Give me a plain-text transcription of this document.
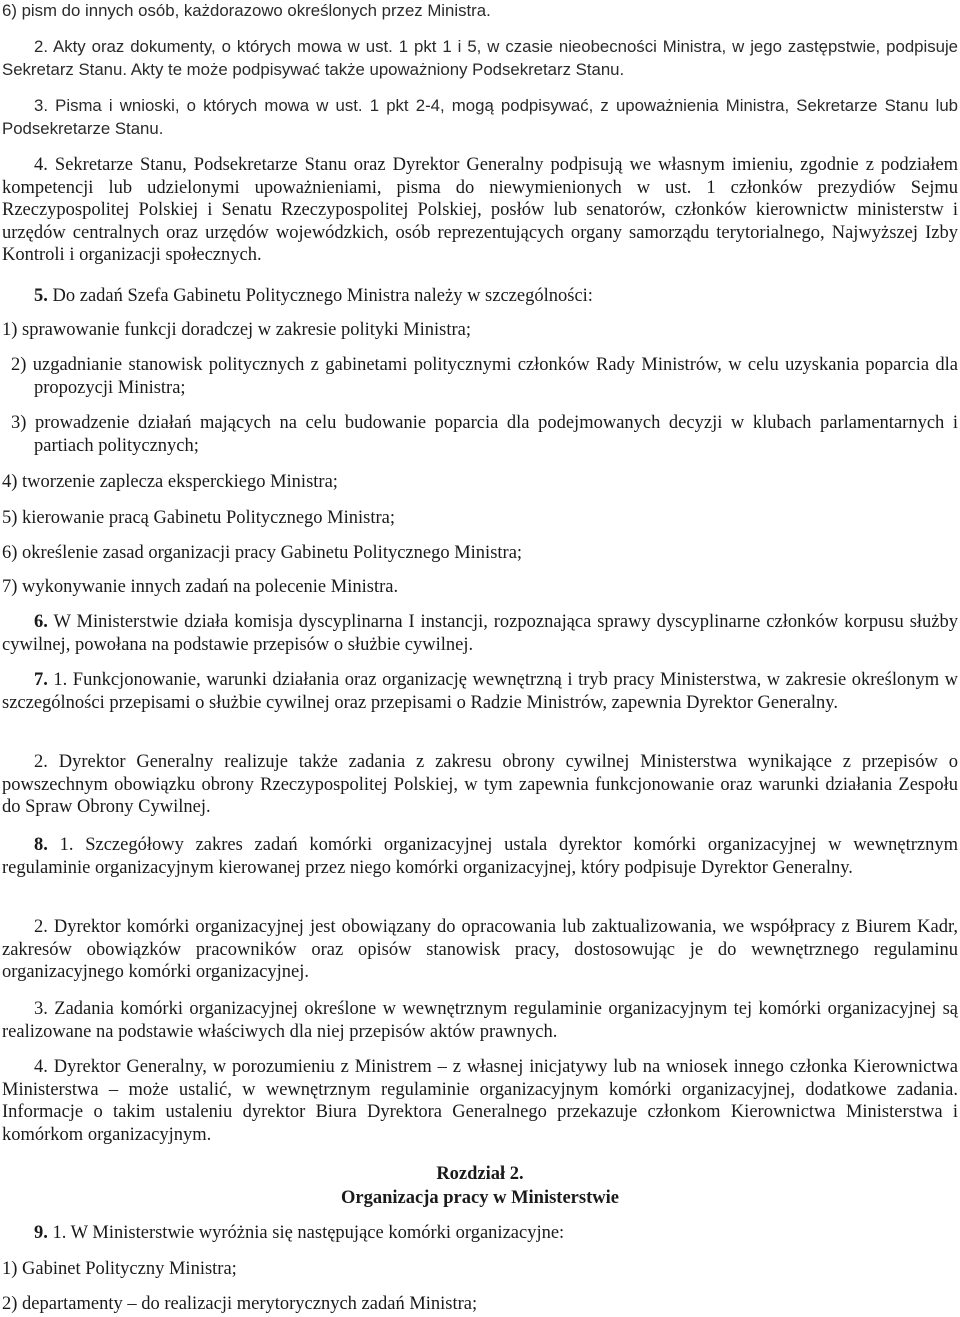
6) pism do innych osób, każdorazowo określonych przez Ministra.

2. Akty oraz dokumenty, o których mowa w ust. 1 pkt 1 i 5, w czasie nieobecności Ministra, w jego zastępstwie, podpisuje Sekretarz Stanu. Akty te może podpisywać także upoważniony Podsekretarz Stanu.

3. Pisma i wnioski, o których mowa w ust. 1 pkt 2-4, mogą podpisywać, z upoważnienia Ministra, Sekretarze Stanu lub Podsekretarze Stanu.

4. Sekretarze Stanu, Podsekretarze Stanu oraz Dyrektor Generalny podpisują we własnym imieniu, zgodnie z podziałem kompetencji lub udzielonymi upoważnieniami, pisma do niewymienionych w ust. 1 członków prezydiów Sejmu Rzeczypospolitej Polskiej i Senatu Rzeczypospolitej Polskiej, posłów lub senatorów, członków kierownictw ministerstw i urzędów centralnych oraz urzędów wojewódzkich, osób reprezentujących organy samorządu terytorialnego, Najwyższej Izby Kontroli i organizacji społecznych.

5. Do zadań Szefa Gabinetu Politycznego Ministra należy w szczególności:

1) sprawowanie funkcji doradczej w zakresie polityki Ministra;

2) uzgadnianie stanowisk politycznych z gabinetami politycznymi członków Rady Ministrów, w celu uzyskania poparcia dla propozycji Ministra;

3) prowadzenie działań mających na celu budowanie poparcia dla podejmowanych decyzji w klubach parlamentarnych i partiach politycznych;

4) tworzenie zaplecza eksperckiego Ministra;

5) kierowanie pracą Gabinetu Politycznego Ministra;

6) określenie zasad organizacji pracy Gabinetu Politycznego Ministra;

7) wykonywanie innych zadań na polecenie Ministra.

6. W Ministerstwie działa komisja dyscyplinarna I instancji, rozpoznająca sprawy dyscyplinarne członków korpusu służby cywilnej, powołana na podstawie przepisów o służbie cywilnej.

7. 1. Funkcjonowanie, warunki działania oraz organizację wewnętrzną i tryb pracy Ministerstwa, w zakresie określonym w szczególności przepisami o służbie cywilnej oraz przepisami o Radzie Ministrów, zapewnia Dyrektor Generalny.

2. Dyrektor Generalny realizuje także zadania z zakresu obrony cywilnej Ministerstwa wynikające z przepisów o powszechnym obowiązku obrony Rzeczypospolitej Polskiej, w tym zapewnia funkcjonowanie oraz warunki działania Zespołu do Spraw Obrony Cywilnej.

8. 1. Szczegółowy zakres zadań komórki organizacyjnej ustala dyrektor komórki organizacyjnej w wewnętrznym regulaminie organizacyjnym kierowanej przez niego komórki organizacyjnej, który podpisuje Dyrektor Generalny.

2. Dyrektor komórki organizacyjnej jest obowiązany do opracowania lub zaktualizowania, we współpracy z Biurem Kadr, zakresów obowiązków pracowników oraz opisów stanowisk pracy, dostosowując je do wewnętrznego regulaminu organizacyjnego komórki organizacyjnej.

3. Zadania komórki organizacyjnej określone w wewnętrznym regulaminie organizacyjnym tej komórki organizacyjnej są realizowane na podstawie właściwych dla niej przepisów aktów prawnych.

4. Dyrektor Generalny, w porozumieniu z Ministrem – z własnej inicjatywy lub na wniosek innego członka Kierownictwa Ministerstwa – może ustalić, w wewnętrznym regulaminie organizacyjnym komórki organizacyjnej, dodatkowe zadania. Informacje o takim ustaleniu dyrektor Biura Dyrektora Generalnego przekazuje członkom Kierownictwa Ministerstwa i komórkom organizacyjnym.

Rozdział 2.

Organizacja pracy w Ministerstwie

9. 1. W Ministerstwie wyróżnia się następujące komórki organizacyjne:

1) Gabinet Polityczny Ministra;

2) departamenty – do realizacji merytorycznych zadań Ministra;
